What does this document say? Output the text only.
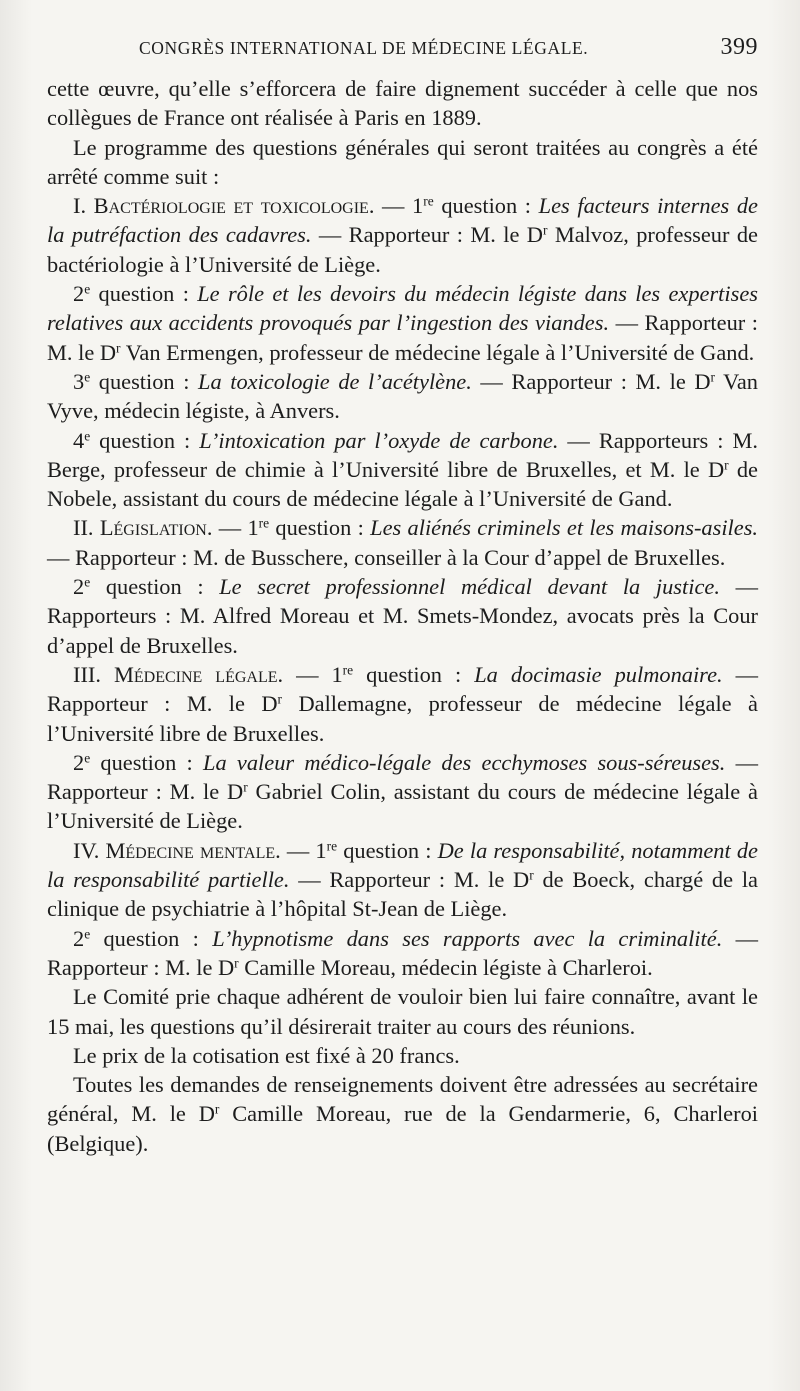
CONGRÈS INTERNATIONAL DE MÉDECINE LÉGALE.	399

cette œuvre, qu’elle s’efforcera de faire dignement succéder à celle que nos collègues de France ont réalisée à Paris en 1889.

Le programme des questions générales qui seront traitées au congrès a été arrêté comme suit :

I. Bactériologie et toxicologie. — 1re question : Les facteurs internes de la putréfaction des cadavres. — Rapporteur : M. le $D^r$ Malvoz, professeur de bactériologie à l’Université de Liège.

2e question : Le rôle et les devoirs du médecin légiste dans les expertises relatives aux accidents provoqués par l’ingestion des viandes. — Rapporteur : M. le $D^r$ Van Ermengen, professeur de médecine légale à l’Université de Gand.

3e question : La toxicologie de l’acétylène. — Rapporteur : M. le $D^r$ Van Vyve, médecin légiste, à Anvers.

4e question : L’intoxication par l’oxyde de carbone. — Rapporteurs : M. Berge, professeur de chimie à l’Université libre de Bruxelles, et M. le $D^r$ de Nobele, assistant du cours de médecine légale à l’Université de Gand.

II. Législation. — 1re question : Les aliénés criminels et les maisons-asiles. — Rapporteur : M. de Busschere, conseiller à la Cour d’appel de Bruxelles.

2e question : Le secret professionnel médical devant la justice. — Rapporteurs : M. Alfred Moreau et M. Smets-Mondez, avocats près la Cour d’appel de Bruxelles.

III. Médecine légale. — 1re question : La docimasie pulmonaire. — Rapporteur : M. le $D^r$ Dallemagne, professeur de médecine légale à l’Université libre de Bruxelles.

2e question : La valeur médico-légale des ecchymoses sous-séreuses. — Rapporteur : M. le $D^r$ Gabriel Colin, assistant du cours de médecine légale à l’Université de Liège.

IV. Médecine mentale. — 1re question : De la responsabilité, notamment de la responsabilité partielle. — Rapporteur : M. le $D^r$ de Boeck, chargé de la clinique de psychiatrie à l’hôpital St-Jean de Liège.

2e question : L’hypnotisme dans ses rapports avec la criminalité. — Rapporteur : M. le $D^r$ Camille Moreau, médecin légiste à Charleroi.

Le Comité prie chaque adhérent de vouloir bien lui faire connaître, avant le 15 mai, les questions qu’il désirerait traiter au cours des réunions.

Le prix de la cotisation est fixé à 20 francs.

Toutes les demandes de renseignements doivent être adressées au secrétaire général, M. le $D^r$ Camille Moreau, rue de la Gendarmerie, 6, Charleroi (Belgique).
